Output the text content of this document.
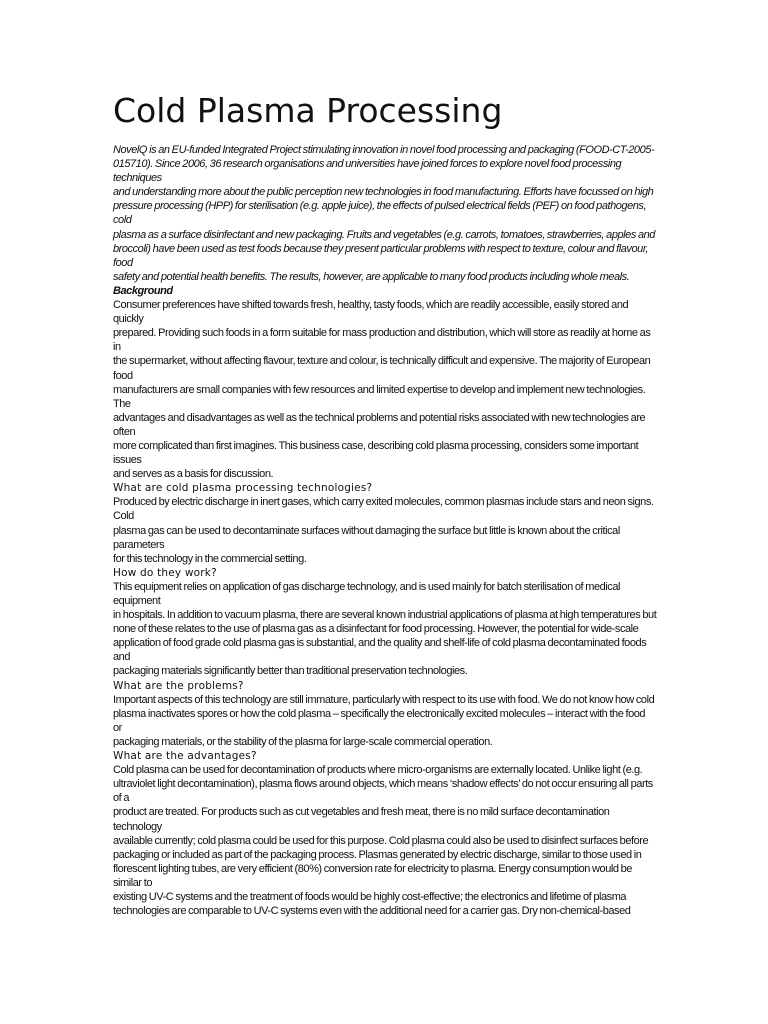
Cold Plasma Processing
NovelQ is an EU-funded Integrated Project stimulating innovation in novel food processing and packaging (FOOD-CT-2005-
015710). Since 2006, 36 research organisations and universities have joined forces to explore novel food processing
techniques
and understanding more about the public perception new technologies in food manufacturing. Efforts have focussed on high
pressure processing (HPP) for sterilisation (e.g. apple juice), the effects of pulsed electrical fields (PEF) on food pathogens,
cold
plasma as a surface disinfectant and new packaging. Fruits and vegetables (e.g. carrots, tomatoes, strawberries, apples and
broccoli) have been used as test foods because they present particular problems with respect to texture, colour and flavour,
food
safety and potential health benefits. The results, however, are applicable to many food products including whole meals.
Background
Consumer preferences have shifted towards fresh, healthy, tasty foods, which are readily accessible, easily stored and
quickly
prepared. Providing such foods in a form suitable for mass production and distribution, which will store as readily at home as
in
the supermarket, without affecting flavour, texture and colour, is technically difficult and expensive. The majority of European
food
manufacturers are small companies with few resources and limited expertise to develop and implement new technologies.
The
advantages and disadvantages as well as the technical problems and potential risks associated with new technologies are
often
more complicated than first imagines. This business case, describing cold plasma processing, considers some important
issues
and serves as a basis for discussion.
What are cold plasma processing technologies?
Produced by electric discharge in inert gases, which carry exited molecules, common plasmas include stars and neon signs.
Cold
plasma gas can be used to decontaminate surfaces without damaging the surface but little is known about the critical
parameters
for this technology in the commercial setting.
How do they work?
This equipment relies on application of gas discharge technology, and is used mainly for batch sterilisation of medical
equipment
in hospitals. In addition to vacuum plasma, there are several known industrial applications of plasma at high temperatures but
none of these relates to the use of plasma gas as a disinfectant for food processing. However, the potential for wide-scale
application of food grade cold plasma gas is substantial, and the quality and shelf-life of cold plasma decontaminated foods
and
packaging materials significantly better than traditional preservation technologies.
What are the problems?
Important aspects of this technology are still immature, particularly with respect to its use with food. We do not know how cold
plasma inactivates spores or how the cold plasma – specifically the electronically excited molecules – interact with the food
or
packaging materials, or the stability of the plasma for large-scale commercial operation.
What are the advantages?
Cold plasma can be used for decontamination of products where micro-organisms are externally located. Unlike light (e.g.
ultraviolet light decontamination), plasma flows around objects, which means ‘shadow effects’ do not occur ensuring all parts
of a
product are treated. For products such as cut vegetables and fresh meat, there is no mild surface decontamination
technology
available currently; cold plasma could be used for this purpose. Cold plasma could also be used to disinfect surfaces before
packaging or included as part of the packaging process. Plasmas generated by electric discharge, similar to those used in
florescent lighting tubes, are very efficient (80%) conversion rate for electricity to plasma. Energy consumption would be
similar to
existing UV-C systems and the treatment of foods would be highly cost-effective; the electronics and lifetime of plasma
technologies are comparable to UV-C systems even with the additional need for a carrier gas. Dry non-chemical-based
